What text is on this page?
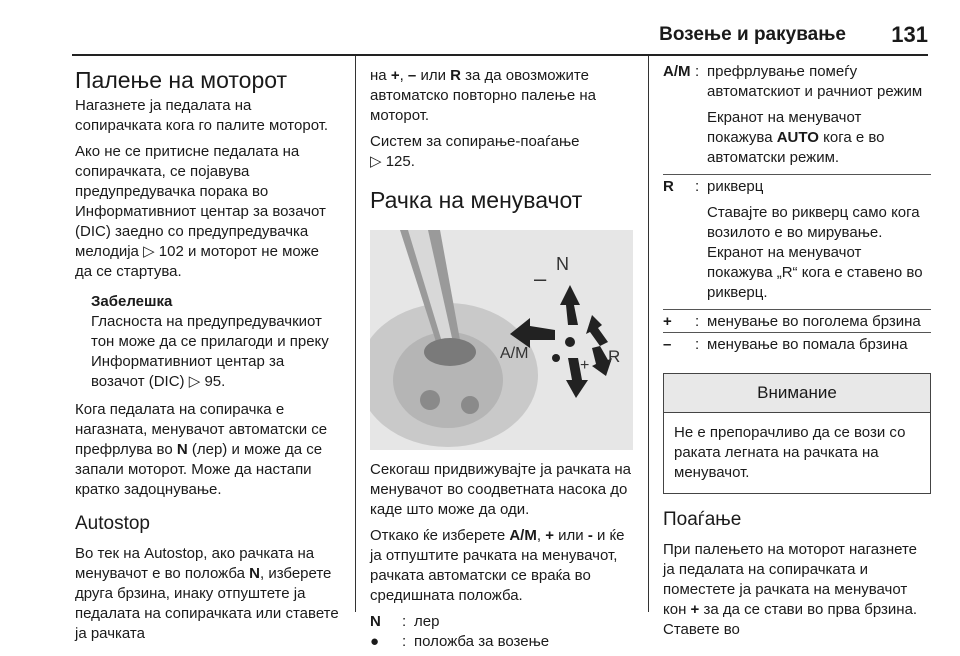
Возење и ракување 131
Палење на моторот

Нагазнете ја педалата на сопирачката кога го палите моторот.

Ако не се притисне педалата на сопирачката, се појавува предупредувачка порака во Информативниот центар за возачот (DIC) заедно со предупредувачка мелодија ▷ 102 и моторот не може да се стартува.

Забелешка
Гласноста на предупредувачкиот тон може да се прилагоди и преку Информативниот центар за возачот (DIC) ▷ 95.

Кога педалата на сопирачка е нагазната, менувачот автоматски се префрлува во N (лер) и може да се запали моторот. Може да настапи кратко задоцнување.

Autostop

Во тек на Autostop, ако рачката на менувачот е во положба N, изберете друга брзина, инаку отпуштете ја педалата на сопирачката или ставете ја рачката

на +, – или R за да овозможите автоматско повторно палење на моторот.

Систем за сопирање-поаѓање
▷ 125.

Рачка на менувачот
N
–
A/M
+ R

Секогаш придвижувајте ја рачката на менувачот во соодветната насока до каде што може да оди.

Откако ќе изберете A/M, + или - и ќе ја отпуштите рачката на менувачот, рачката автоматски се враќа во средишната положба.

N	: лер
●	: положба за возење
A/M : префрлување помеѓу автоматскиот и рачниот режим

Екранот на менувачот покажува AUTO кога е во автоматски режим.

R	: рикверц

Ставајте во рикверц само кога возилото е во мирување. Екранот на менувачот покажува „R“ кога е ставено во рикверц.

+	: менување во поголема брзина
–	: менување во помала брзина
Внимание
Не е препорачливо да се вози со раката легната на рачката на менувачот.
Поаѓање

При палењето на моторот нагазнете ја педалата на сопирачката и поместете ја рачката на менувачот кон + за да се стави во прва брзина. Ставете во
